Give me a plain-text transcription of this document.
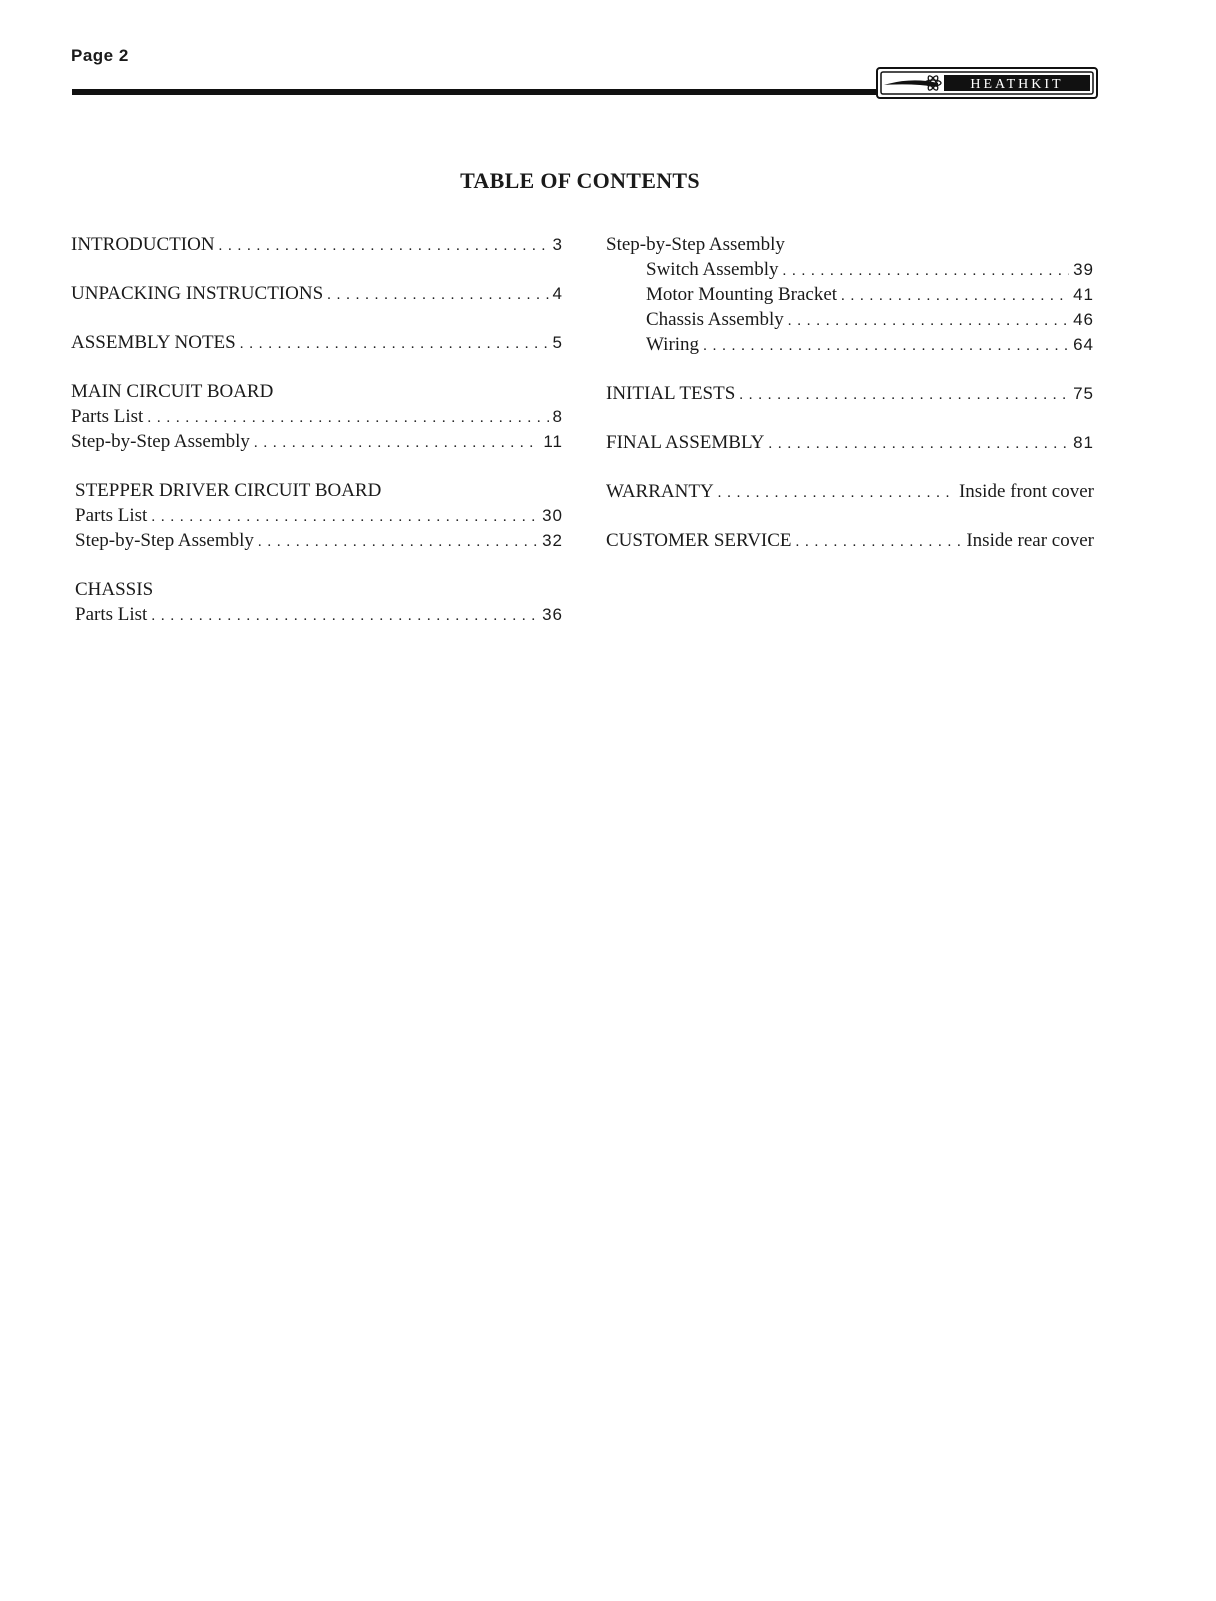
Page 2
HEATHKIT
TABLE OF CONTENTS
INTRODUCTION . . .	3
UNPACKING INSTRUCTIONS . . .	4
ASSEMBLY NOTES . . .	5
MAIN CIRCUIT BOARD
Parts List . . .	8
Step-by-Step Assembly . . .	11
STEPPER DRIVER CIRCUIT BOARD
Parts List . . .	30
Step-by-Step Assembly . . .	32
CHASSIS
Parts List . . .	36
Step-by-Step Assembly
Switch Assembly . . .	39
Motor Mounting Bracket . . .	41
Chassis Assembly . . .	46
Wiring . . .	64
INITIAL TESTS . . .	75
FINAL ASSEMBLY . . .	81
WARRANTY . . .	Inside front cover
CUSTOMER SERVICE . . .	Inside rear cover
